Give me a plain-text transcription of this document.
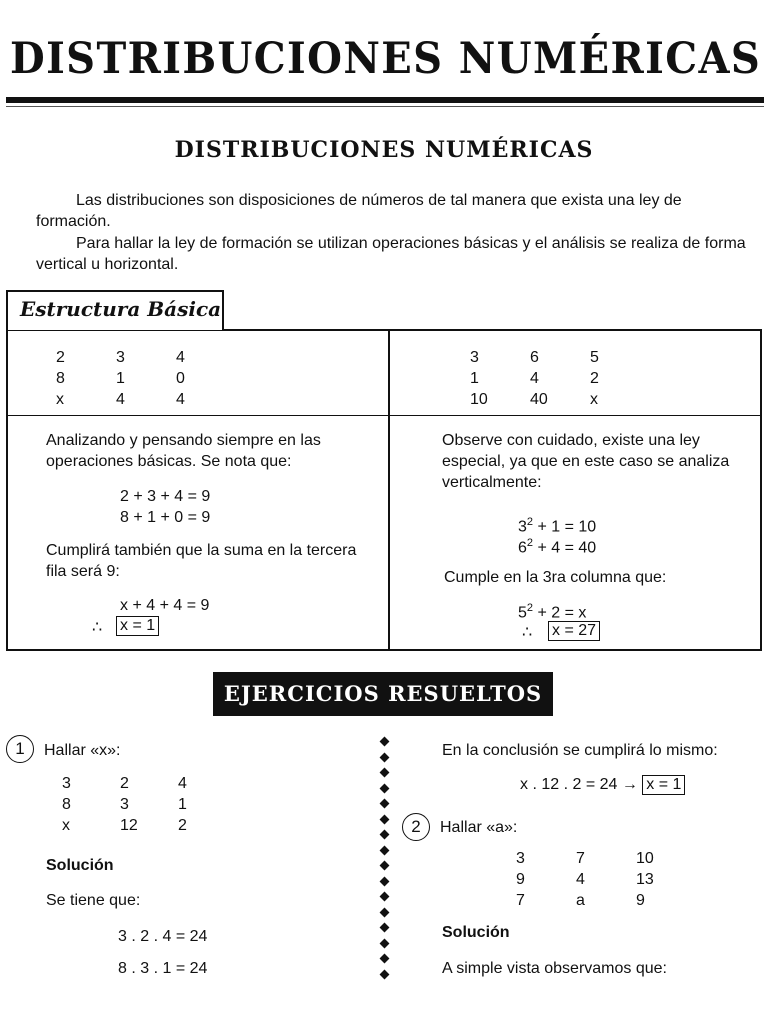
DISTRIBUCIONES NUMÉRICAS
DISTRIBUCIONES NUMÉRICAS
Las distribuciones son disposiciones de números de tal manera que exista una ley de formación.
Para hallar la ley de formación se utilizan operaciones básicas y el análisis se realiza de forma vertical u horizontal.
Estructura Básica
2	3	4
8	1	0
x	4	4
3	6	5
1	4	2
10	40	x
Analizando y pensando siempre en las operaciones básicas. Se nota que:
2 + 3 + 4 = 9
8 + 1 + 0 = 9
Cumplirá también que la suma en la tercera fila será 9:
x + 4 + 4 = 9
∴ x = 1
Observe con cuidado, existe una ley especial, ya que en este caso se analiza verticalmente:
$3^2 + 1 = 10$
$6^2 + 4 = 40$
Cumple en la 3ra columna que:
$5^2 + 2 = x$
∴ x = 27
EJERCICIOS RESUELTOS
1	Hallar «x»:
3	2	4
8	3	1
x	12	2
Solución
Se tiene que:
3 . 2 . 4 = 24
8 . 3 . 1 = 24
En la conclusión se cumplirá lo mismo:
x . 12 . 2 = 24 → x = 1
2	Hallar «a»:
3	7	10
9	4	13
7	a	9
Solución
A simple vista observamos que:
